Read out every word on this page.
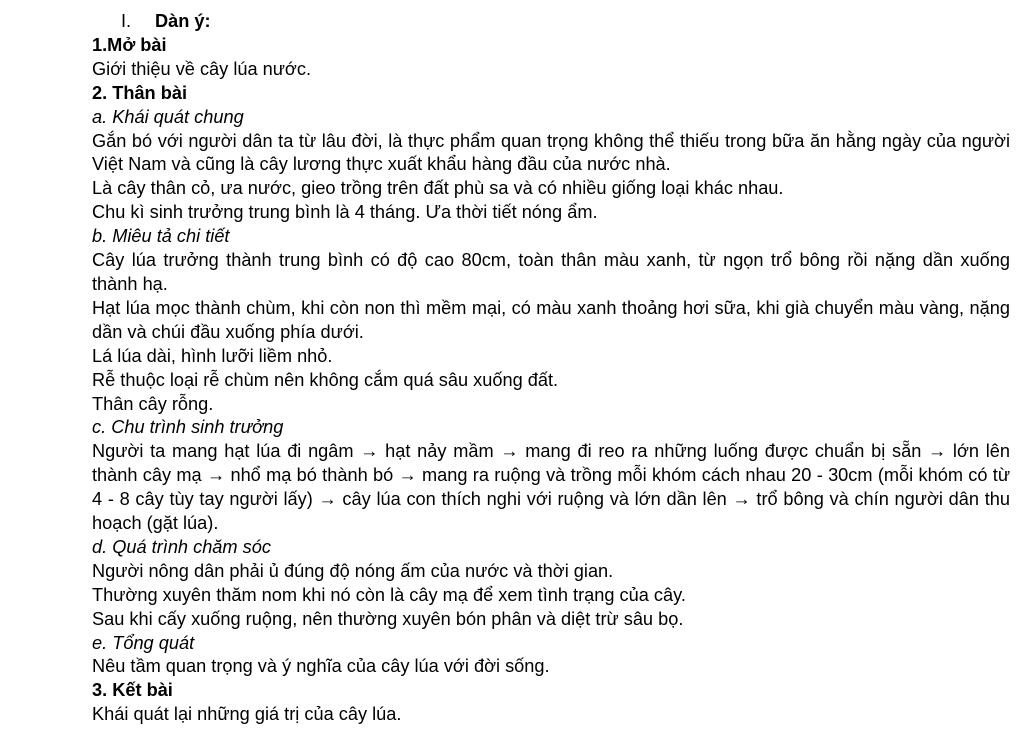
I. Dàn ý:

1.Mở bài

Giới thiệu về cây lúa nước.

2. Thân bài

a. Khái quát chung

Gắn bó với người dân ta từ lâu đời, là thực phẩm quan trọng không thể thiếu trong bữa ăn hằng ngày của người Việt Nam và cũng là cây lương thực xuất khẩu hàng đầu của nước nhà.

Là cây thân cỏ, ưa nước, gieo trồng trên đất phù sa và có nhiều giống loại khác nhau.

Chu kì sinh trưởng trung bình là 4 tháng. Ưa thời tiết nóng ẩm.

b. Miêu tả chi tiết

Cây lúa trưởng thành trung bình có độ cao 80cm, toàn thân màu xanh, từ ngọn trổ bông rồi nặng dần xuống thành hạ.

Hạt lúa mọc thành chùm, khi còn non thì mềm mại, có màu xanh thoảng hơi sữa, khi già chuyển màu vàng, nặng dần và chúi đầu xuống phía dưới.

Lá lúa dài, hình lưỡi liềm nhỏ.

Rễ thuộc loại rễ chùm nên không cắm quá sâu xuống đất.

Thân cây rỗng.

c. Chu trình sinh trưởng

Người ta mang hạt lúa đi ngâm → hạt nảy mầm → mang đi reo ra những luống được chuẩn bị sẵn → lớn lên thành cây mạ → nhổ mạ bó thành bó → mang ra ruộng và trồng mỗi khóm cách nhau 20 - 30cm (mỗi khóm có từ 4 - 8 cây tùy tay người lấy) → cây lúa con thích nghi với ruộng và lớn dần lên → trổ bông và chín người dân thu hoạch (gặt lúa).

d. Quá trình chăm sóc

Người nông dân phải ủ đúng độ nóng ấm của nước và thời gian.

Thường xuyên thăm nom khi nó còn là cây mạ để xem tình trạng của cây.

Sau khi cấy xuống ruộng, nên thường xuyên bón phân và diệt trừ sâu bọ.

e. Tổng quát

Nêu tầm quan trọng và ý nghĩa của cây lúa với đời sống.

3. Kết bài

Khái quát lại những giá trị của cây lúa.
